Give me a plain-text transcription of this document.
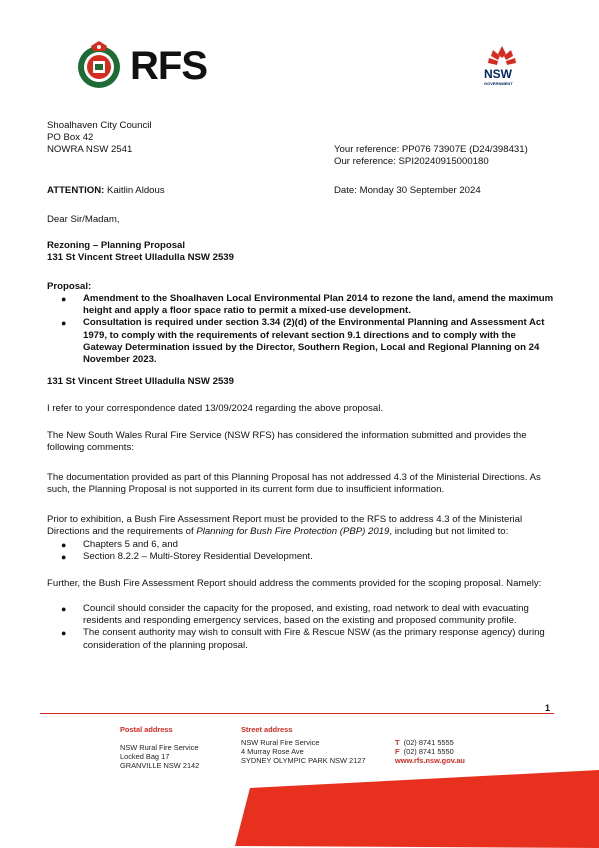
RFS	NSW
GOVERNMENT
Shoalhaven City Council
PO Box 42
NOWRA NSW 2541	Your reference: PP076 73907E (D24/398431)
Our reference: SPI20240915000180
ATTENTION: Kaitlin Aldous	Date: Monday 30 September 2024
Dear Sir/Madam,
Rezoning – Planning Proposal
131 St Vincent Street Ulladulla NSW 2539
Proposal:
● Amendment to the Shoalhaven Local Environmental Plan 2014 to rezone the land, amend the maximum height and apply a floor space ratio to permit a mixed-use development.
● Consultation is required under section 3.34 (2)(d) of the Environmental Planning and Assessment Act 1979, to comply with the requirements of relevant section 9.1 directions and to comply with the Gateway Determination issued by the Director, Southern Region, Local and Regional Planning on 24 November 2023.
131 St Vincent Street Ulladulla NSW 2539
I refer to your correspondence dated 13/09/2024 regarding the above proposal.
The New South Wales Rural Fire Service (NSW RFS) has considered the information submitted and provides the following comments:
The documentation provided as part of this Planning Proposal has not addressed 4.3 of the Ministerial Directions. As such, the Planning Proposal is not supported in its current form due to insufficient information.
Prior to exhibition, a Bush Fire Assessment Report must be provided to the RFS to address 4.3 of the Ministerial Directions and the requirements of Planning for Bush Fire Protection (PBP) 2019, including but not limited to:
● Chapters 5 and 6, and
● Section 8.2.2 – Multi-Storey Residential Development.
Further, the Bush Fire Assessment Report should address the comments provided for the scoping proposal. Namely:
● Council should consider the capacity for the proposed, and existing, road network to deal with evacuating residents and responding emergency services, based on the existing and proposed community profile.
● The consent authority may wish to consult with Fire & Rescue NSW (as the primary response agency) during consideration of the planning proposal.
1
Postal address
NSW Rural Fire Service
Locked Bag 17
GRANVILLE NSW 2142
Street address
NSW Rural Fire Service
4 Murray Rose Ave
SYDNEY OLYMPIC PARK NSW 2127
T (02) 8741 5555
F (02) 8741 5550
www.rfs.nsw.gov.au
